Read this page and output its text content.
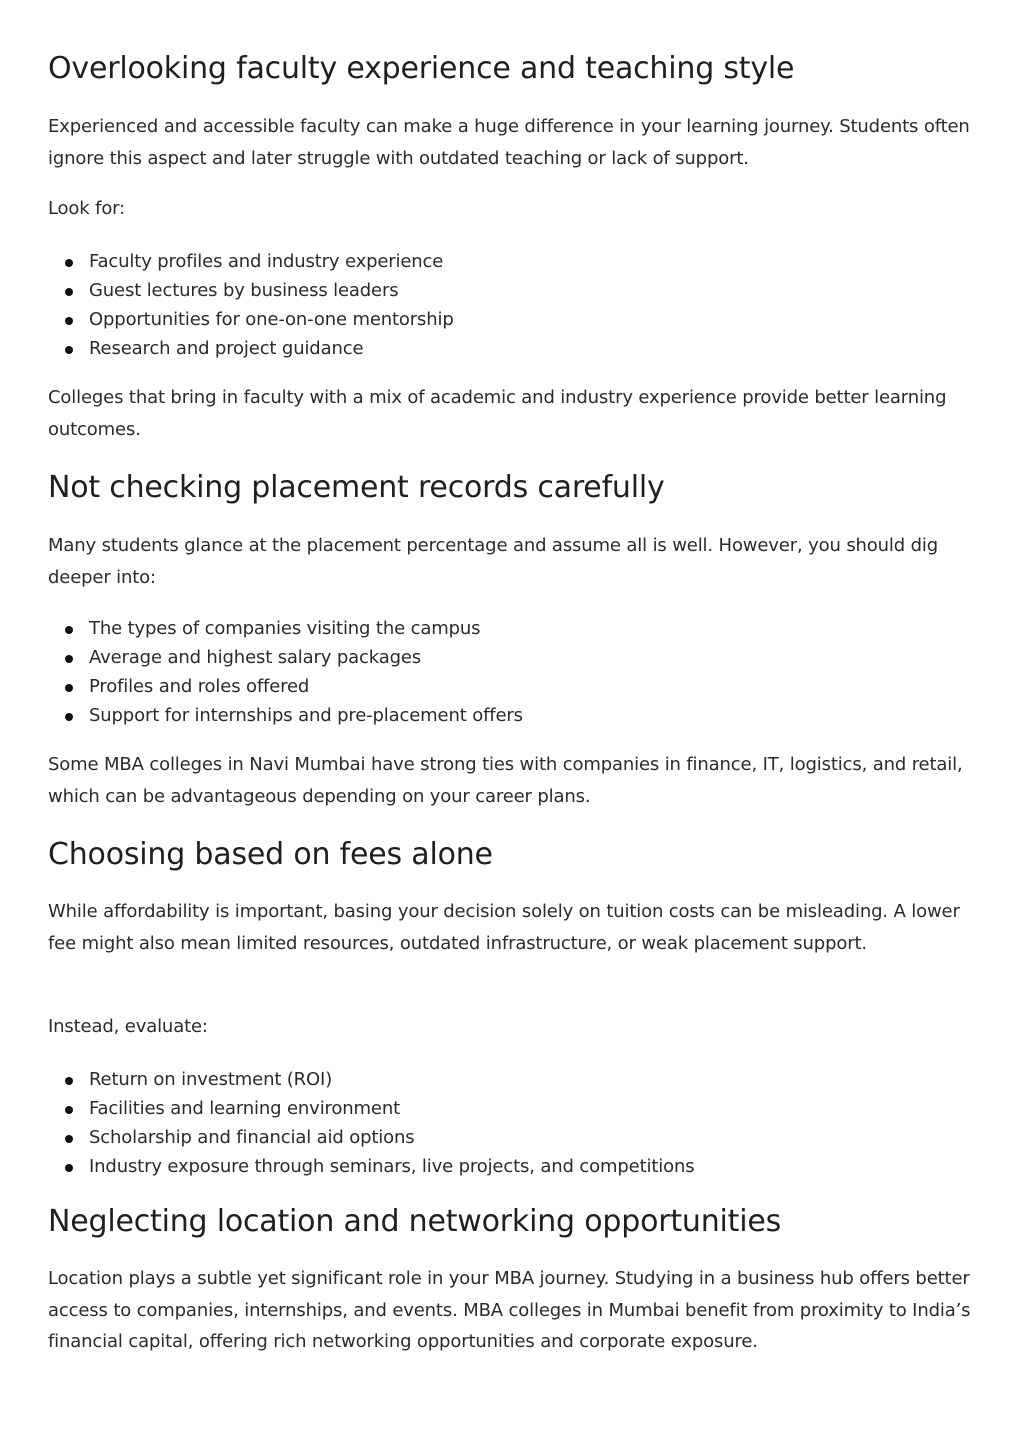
Overlooking faculty experience and teaching style

Experienced and accessible faculty can make a huge difference in your learning journey. Students often ignore this aspect and later struggle with outdated teaching or lack of support.

Look for:

Faculty profiles and industry experience
Guest lectures by business leaders
Opportunities for one-on-one mentorship
Research and project guidance

Colleges that bring in faculty with a mix of academic and industry experience provide better learning outcomes.

Not checking placement records carefully

Many students glance at the placement percentage and assume all is well. However, you should dig deeper into:

The types of companies visiting the campus
Average and highest salary packages
Profiles and roles offered
Support for internships and pre-placement offers

Some MBA colleges in Navi Mumbai have strong ties with companies in finance, IT, logistics, and retail, which can be advantageous depending on your career plans.

Choosing based on fees alone

While affordability is important, basing your decision solely on tuition costs can be misleading. A lower fee might also mean limited resources, outdated infrastructure, or weak placement support.

Instead, evaluate:

Return on investment (ROI)
Facilities and learning environment
Scholarship and financial aid options
Industry exposure through seminars, live projects, and competitions
Neglecting location and networking opportunities

Location plays a subtle yet significant role in your MBA journey. Studying in a business hub offers better access to companies, internships, and events. MBA colleges in Mumbai benefit from proximity to India’s financial capital, offering rich networking opportunities and corporate exposure.
